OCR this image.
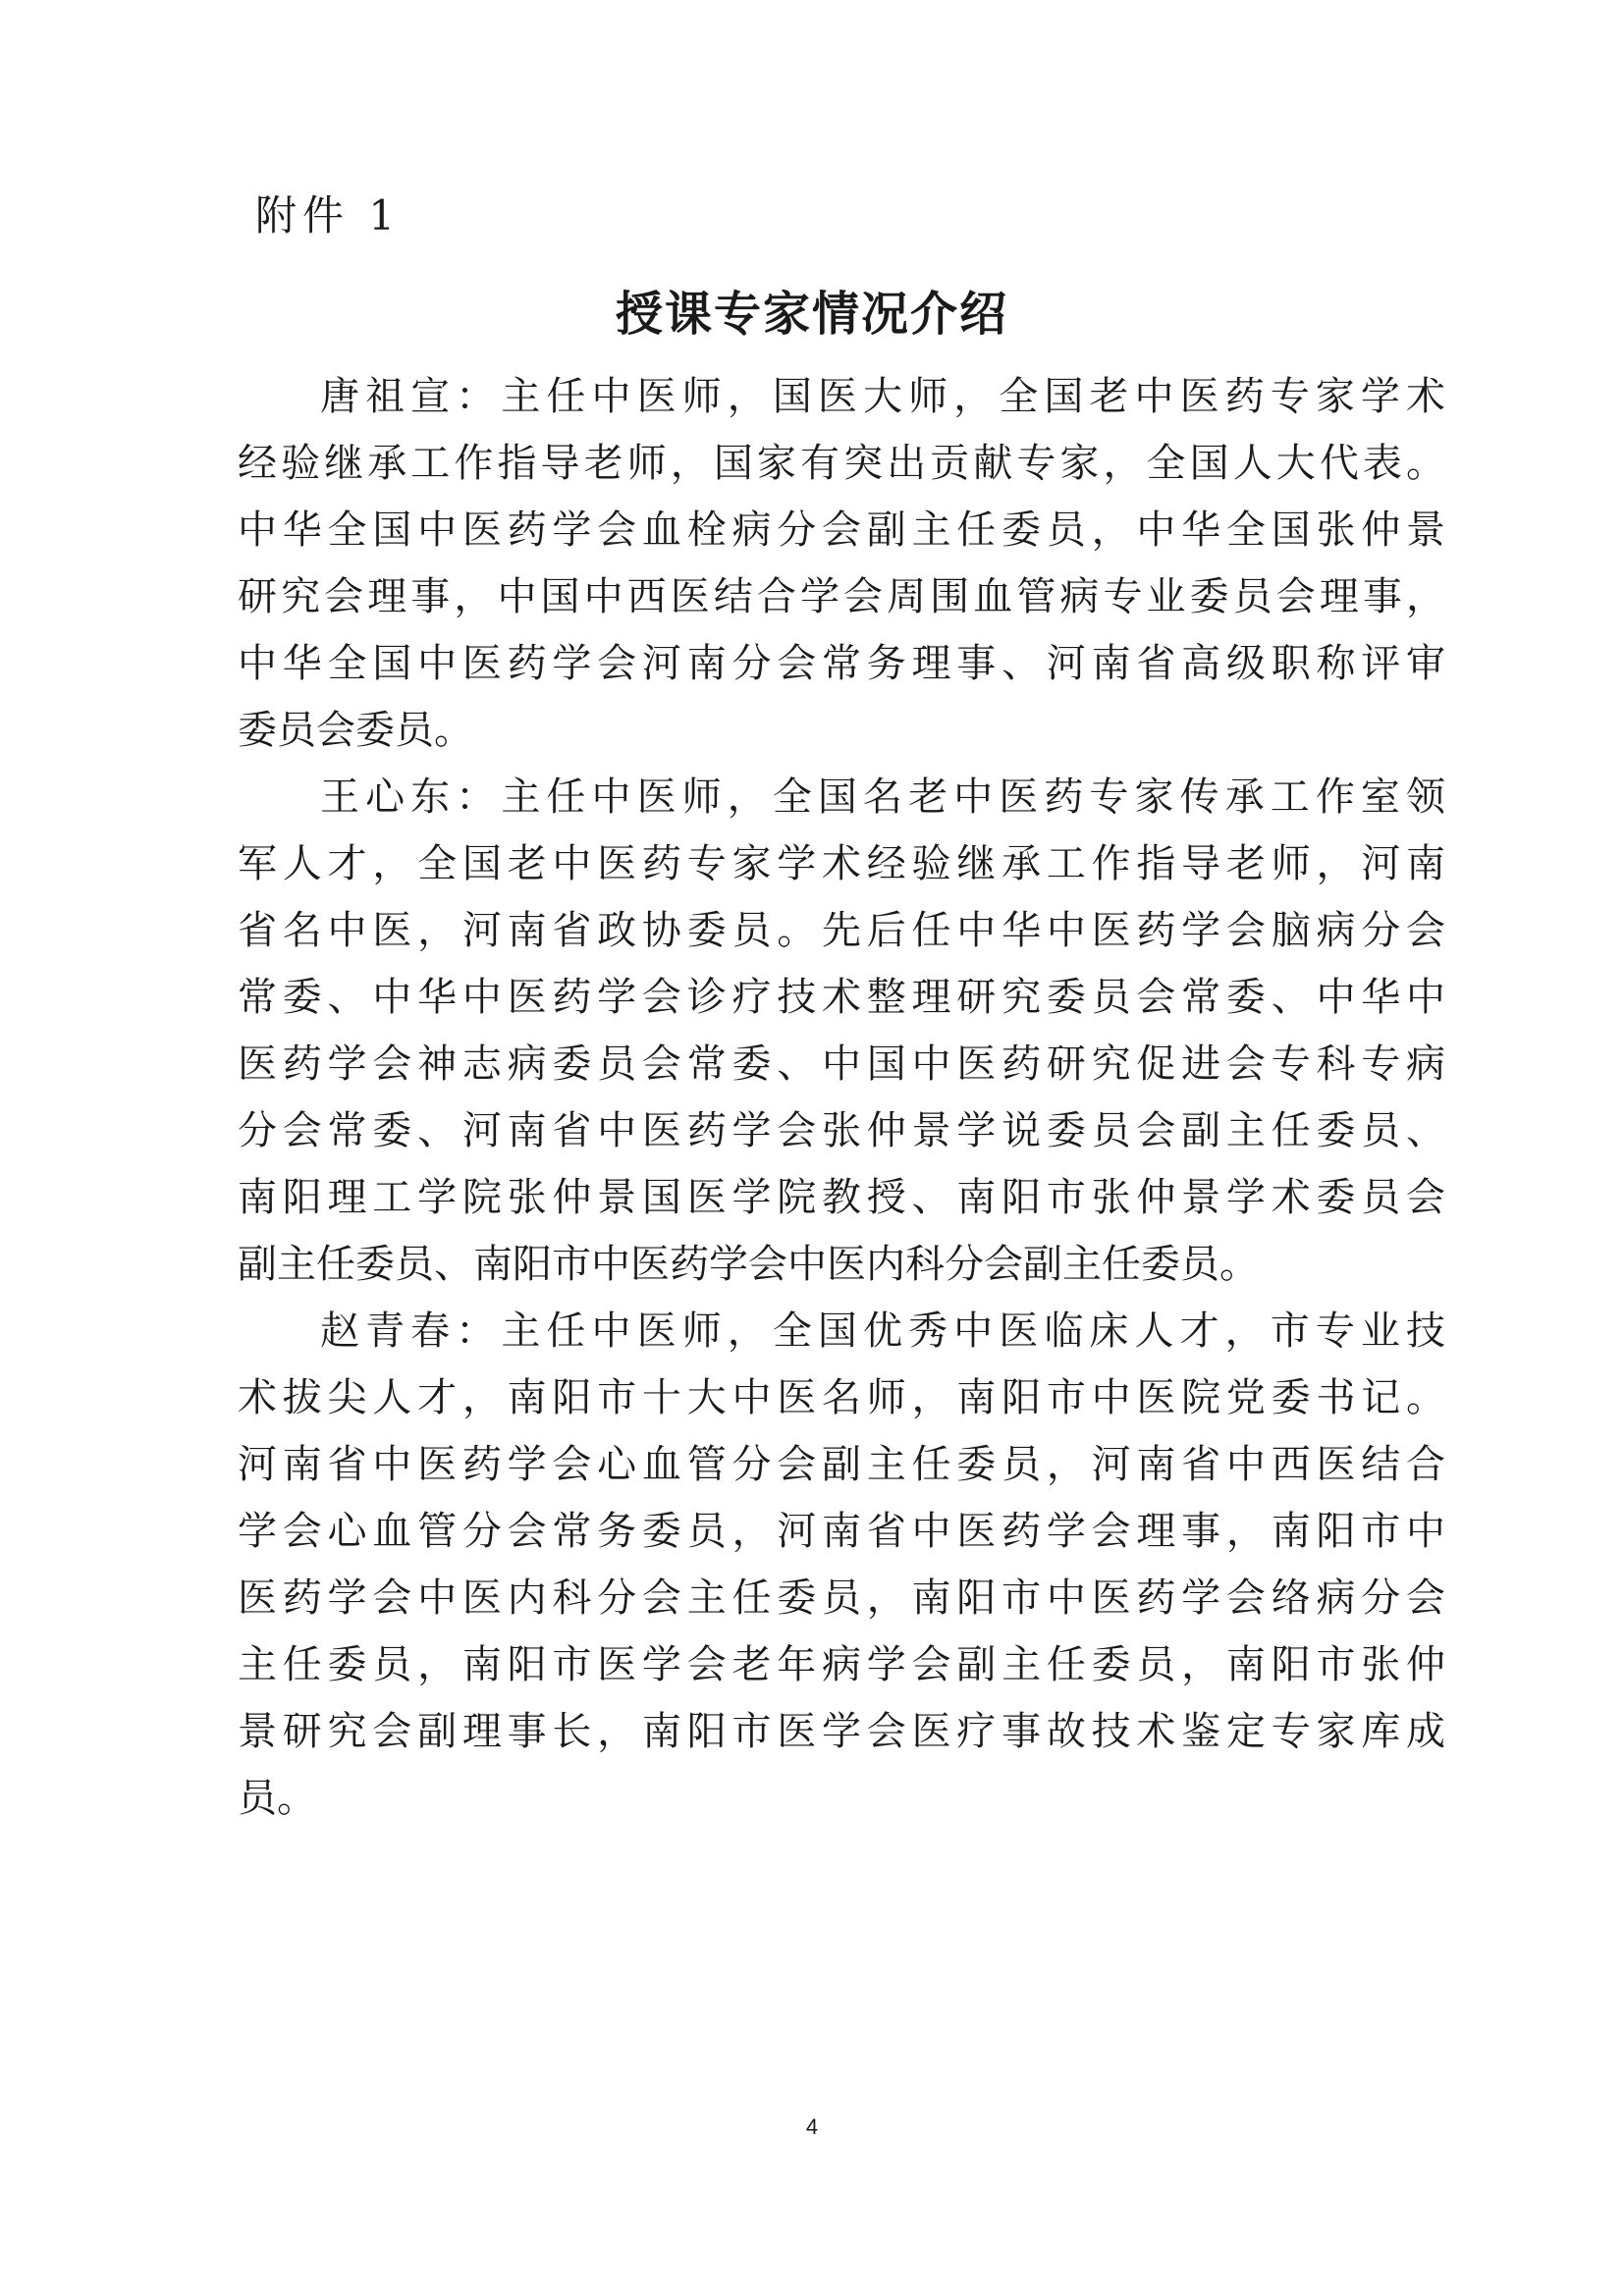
附件 1
授课专家情况介绍
唐祖宣：主任中医师，国医大师，全国老中医药专家学术
经验继承工作指导老师，国家有突出贡献专家，全国人大代表。
中华全国中医药学会血栓病分会副主任委员，中华全国张仲景
研究会理事，中国中西医结合学会周围血管病专业委员会理事，
中华全国中医药学会河南分会常务理事、河南省高级职称评审
委员会委员。
王心东：主任中医师，全国名老中医药专家传承工作室领
军人才，全国老中医药专家学术经验继承工作指导老师，河南
省名中医，河南省政协委员。先后任中华中医药学会脑病分会
常委、中华中医药学会诊疗技术整理研究委员会常委、中华中
医药学会神志病委员会常委、中国中医药研究促进会专科专病
分会常委、河南省中医药学会张仲景学说委员会副主任委员、
南阳理工学院张仲景国医学院教授、南阳市张仲景学术委员会
副主任委员、南阳市中医药学会中医内科分会副主任委员。
赵青春：主任中医师，全国优秀中医临床人才，市专业技
术拔尖人才，南阳市十大中医名师，南阳市中医院党委书记。
河南省中医药学会心血管分会副主任委员，河南省中西医结合
学会心血管分会常务委员，河南省中医药学会理事，南阳市中
医药学会中医内科分会主任委员，南阳市中医药学会络病分会
主任委员，南阳市医学会老年病学会副主任委员，南阳市张仲
景研究会副理事长，南阳市医学会医疗事故技术鉴定专家库成
员。
4
